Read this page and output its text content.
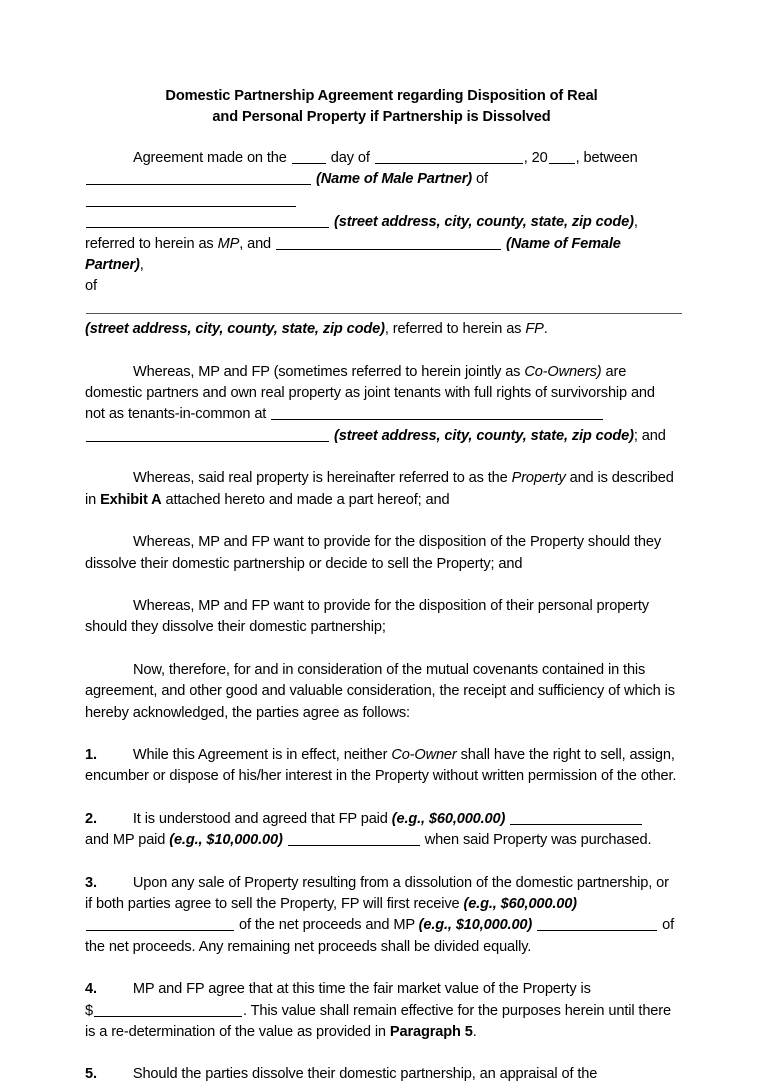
Domestic Partnership Agreement regarding Disposition of Real
and Personal Property if Partnership is Dissolved

Agreement made on the	day of	, 20 , between
(Name of Male Partner) of
(street address, city, county, state, zip code),
referred to herein as MP, and	(Name of Female Partner),
of
(street address, city, county, state, zip code), referred to herein as FP.

Whereas, MP and FP (sometimes referred to herein jointly as Co-Owners) are domestic partners and own real property as joint tenants with full rights of survivorship and not as tenants-in-common at
(street address, city, county, state, zip code); and

Whereas, said real property is hereinafter referred to as the Property and is described in Exhibit A attached hereto and made a part hereof; and

Whereas, MP and FP want to provide for the disposition of the Property should they dissolve their domestic partnership or decide to sell the Property; and

Whereas, MP and FP want to provide for the disposition of their personal property should they dissolve their domestic partnership;

Now, therefore, for and in consideration of the mutual covenants contained in this agreement, and other good and valuable consideration, the receipt and sufficiency of which is hereby acknowledged, the parties agree as follows:

1. While this Agreement is in effect, neither Co-Owner shall have the right to sell, assign, encumber or dispose of his/her interest in the Property without written permission of the other.

2. It is understood and agreed that FP paid (e.g., $60,000.00)
and MP paid (e.g., $10,000.00)	when said Property was purchased.

3. Upon any sale of Property resulting from a dissolution of the domestic partnership, or if both parties agree to sell the Property, FP will first receive (e.g., $60,000.00)  of the net proceeds and MP (e.g., $10,000.00)	of the net proceeds. Any remaining net proceeds shall be divided equally.

4. MP and FP agree that at this time the fair market value of the Property is
$	. This value shall remain effective for the purposes herein until there is a re-determination of the value as provided in Paragraph 5.

5. Should the parties dissolve their domestic partnership, an appraisal of the
